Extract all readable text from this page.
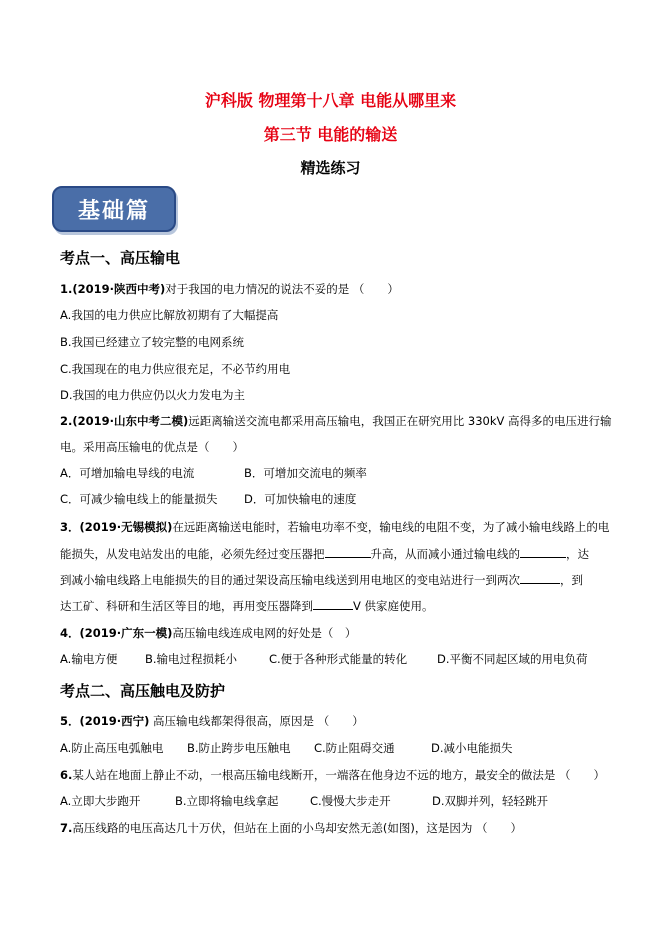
沪科版 物理第十八章 电能从哪里来
第三节 电能的输送
精选练习
基础篇
考点一、高压输电
1.(2019·陕西中考)对于我国的电力情况的说法不妥的是 （　　）
A.我国的电力供应比解放初期有了大幅提高
B.我国已经建立了较完整的电网系统
C.我国现在的电力供应很充足，不必节约用电
D.我国的电力供应仍以火力发电为主
2.(2019·山东中考二模)远距离输送交流电都采用高压输电，我国正在研究用比 330kV 高得多的电压进行输
电。采用高压输电的优点是（　　）
A．可增加输电导线的电流	B．可增加交流电的频率
C．可减少输电线上的能量损失 D．可加快输电的速度
3．(2019·无锡模拟)在远距离输送电能时，若输电功率不变，输电线的电阻不变，为了减小输电线路上的电
能损失，从发电站发出的电能，必须先经过变压器把	升高，从而减小通过输电线的	，达
到减小输电线路上电能损失的目的通过架设高压输电线送到用电地区的变电站进行一到两次	，到
达工矿、科研和生活区等目的地，再用变压器降到	V 供家庭使用。
4．(2019·广东一模)高压输电线连成电网的好处是（　）
A.输电方便 B.输电过程损耗小	C.便于各种形式能量的转化	D.平衡不同起区域的用电负荷
考点二、高压触电及防护
5．(2019·西宁) 高压输电线都架得很高，原因是 （　　）
A.防止高压电弧触电 B.防止跨步电压触电 C.防止阻碍交通	D.减小电能损失
6.某人站在地面上静止不动，一根高压输电线断开，一端落在他身边不远的地方，最安全的做法是 （　　）
A.立即大步跑开	B.立即将输电线拿起	C.慢慢大步走开	D.双脚并列，轻轻跳开
7.高压线路的电压高达几十万伏，但站在上面的小鸟却安然无恙(如图)，这是因为 （　　）
